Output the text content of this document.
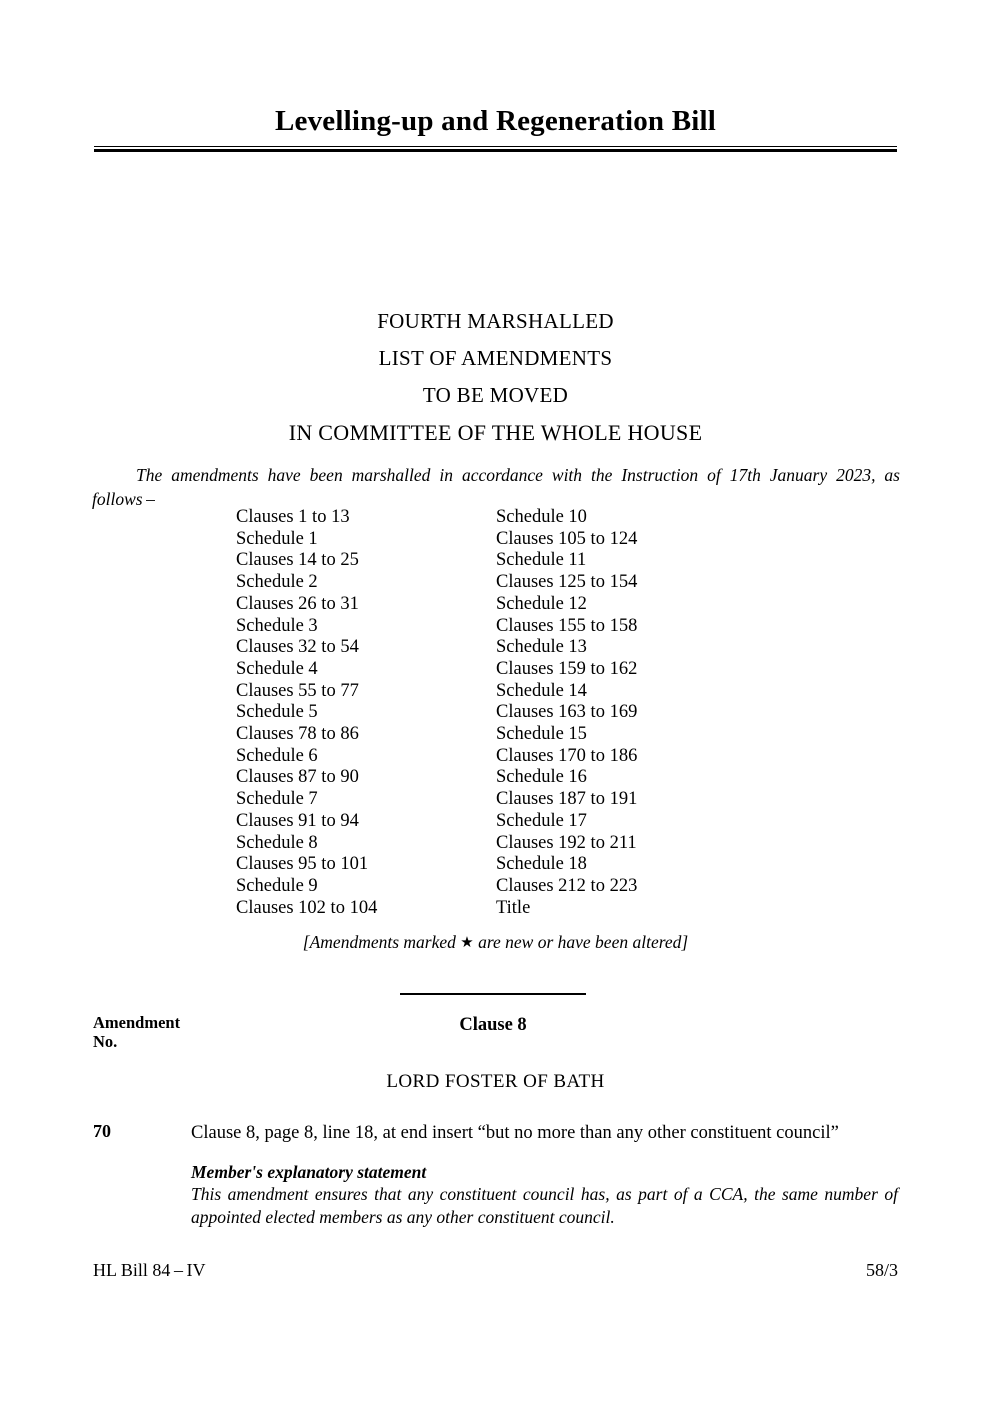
Levelling-up and Regeneration Bill
FOURTH MARSHALLED
LIST OF AMENDMENTS
TO BE MOVED
IN COMMITTEE OF THE WHOLE HOUSE
The amendments have been marshalled in accordance with the Instruction of 17th January 2023, as follows –
Clauses 1 to 13
Schedule 1
Clauses 14 to 25
Schedule 2
Clauses 26 to 31
Schedule 3
Clauses 32 to 54
Schedule 4
Clauses 55 to 77
Schedule 5
Clauses 78 to 86
Schedule 6
Clauses 87 to 90
Schedule 7
Clauses 91 to 94
Schedule 8
Clauses 95 to 101
Schedule 9
Clauses 102 to 104
Schedule 10
Clauses 105 to 124
Schedule 11
Clauses 125 to 154
Schedule 12
Clauses 155 to 158
Schedule 13
Clauses 159 to 162
Schedule 14
Clauses 163 to 169
Schedule 15
Clauses 170 to 186
Schedule 16
Clauses 187 to 191
Schedule 17
Clauses 192 to 211
Schedule 18
Clauses 212 to 223
Title
[Amendments marked ★ are new or have been altered]
Amendment
No.
Clause 8
LORD FOSTER OF BATH
70	Clause 8, page 8, line 18, at end insert “but no more than any other constituent council”
Member's explanatory statement
This amendment ensures that any constituent council has, as part of a CCA, the same number of appointed elected members as any other constituent council.
HL Bill 84 – IV	58/3
